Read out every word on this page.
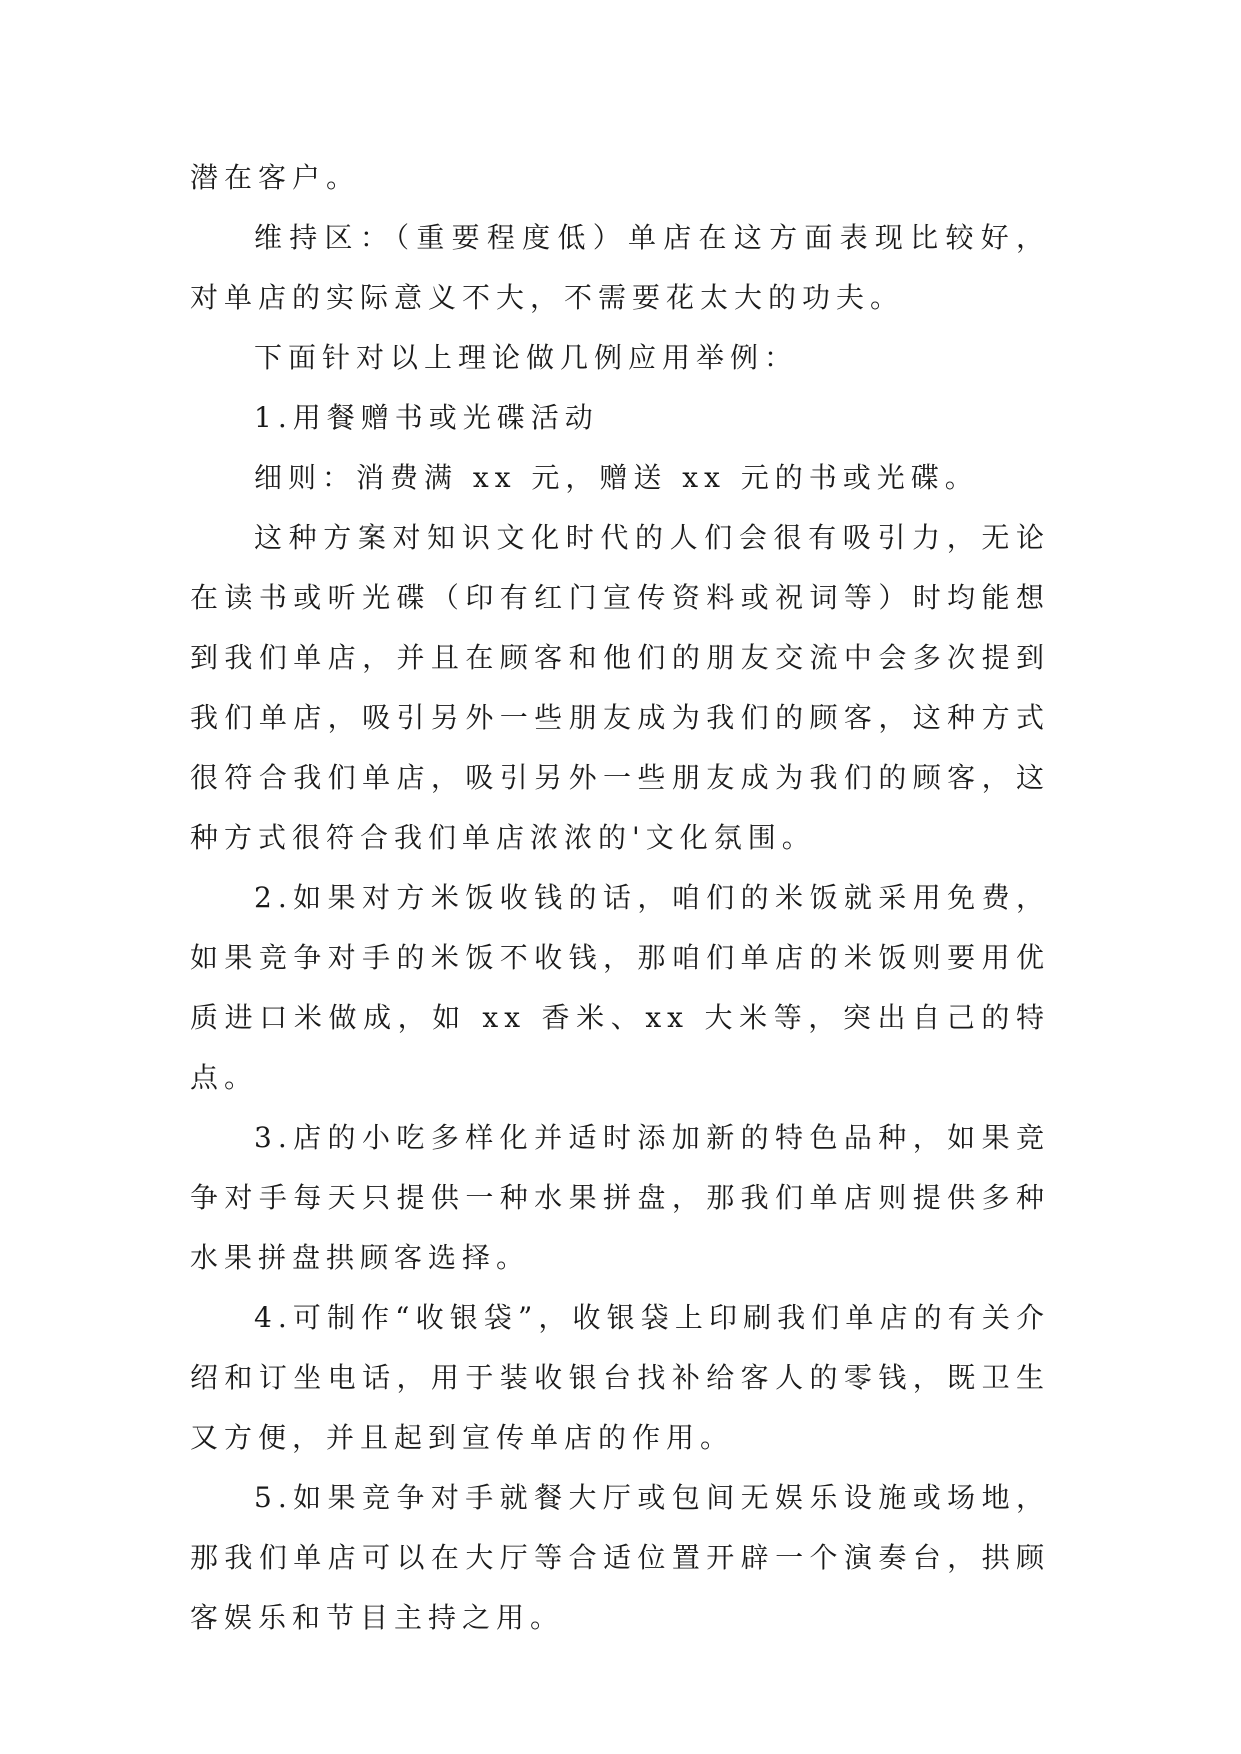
潜在客户。

维持区：（重要程度低）单店在这方面表现比较好，对单店的实际意义不大，不需要花太大的功夫。

下面针对以上理论做几例应用举例：

1.用餐赠书或光碟活动

细则：消费满 xx 元，赠送 xx 元的书或光碟。

这种方案对知识文化时代的人们会很有吸引力，无论在读书或听光碟（印有红门宣传资料或祝词等）时均能想到我们单店，并且在顾客和他们的朋友交流中会多次提到我们单店，吸引另外一些朋友成为我们的顾客，这种方式很符合我们单店，吸引另外一些朋友成为我们的顾客，这种方式很符合我们单店浓浓的'文化氛围。

2.如果对方米饭收钱的话，咱们的米饭就采用免费，如果竞争对手的米饭不收钱，那咱们单店的米饭则要用优质进口米做成，如 xx 香米、xx 大米等，突出自己的特点。

3.店的小吃多样化并适时添加新的特色品种，如果竞争对手每天只提供一种水果拼盘，那我们单店则提供多种水果拼盘拱顾客选择。

4.可制作“收银袋”，收银袋上印刷我们单店的有关介绍和订坐电话，用于装收银台找补给客人的零钱，既卫生又方便，并且起到宣传单店的作用。

5.如果竞争对手就餐大厅或包间无娱乐设施或场地，那我们单店可以在大厅等合适位置开辟一个演奏台，拱顾客娱乐和节目主持之用。
